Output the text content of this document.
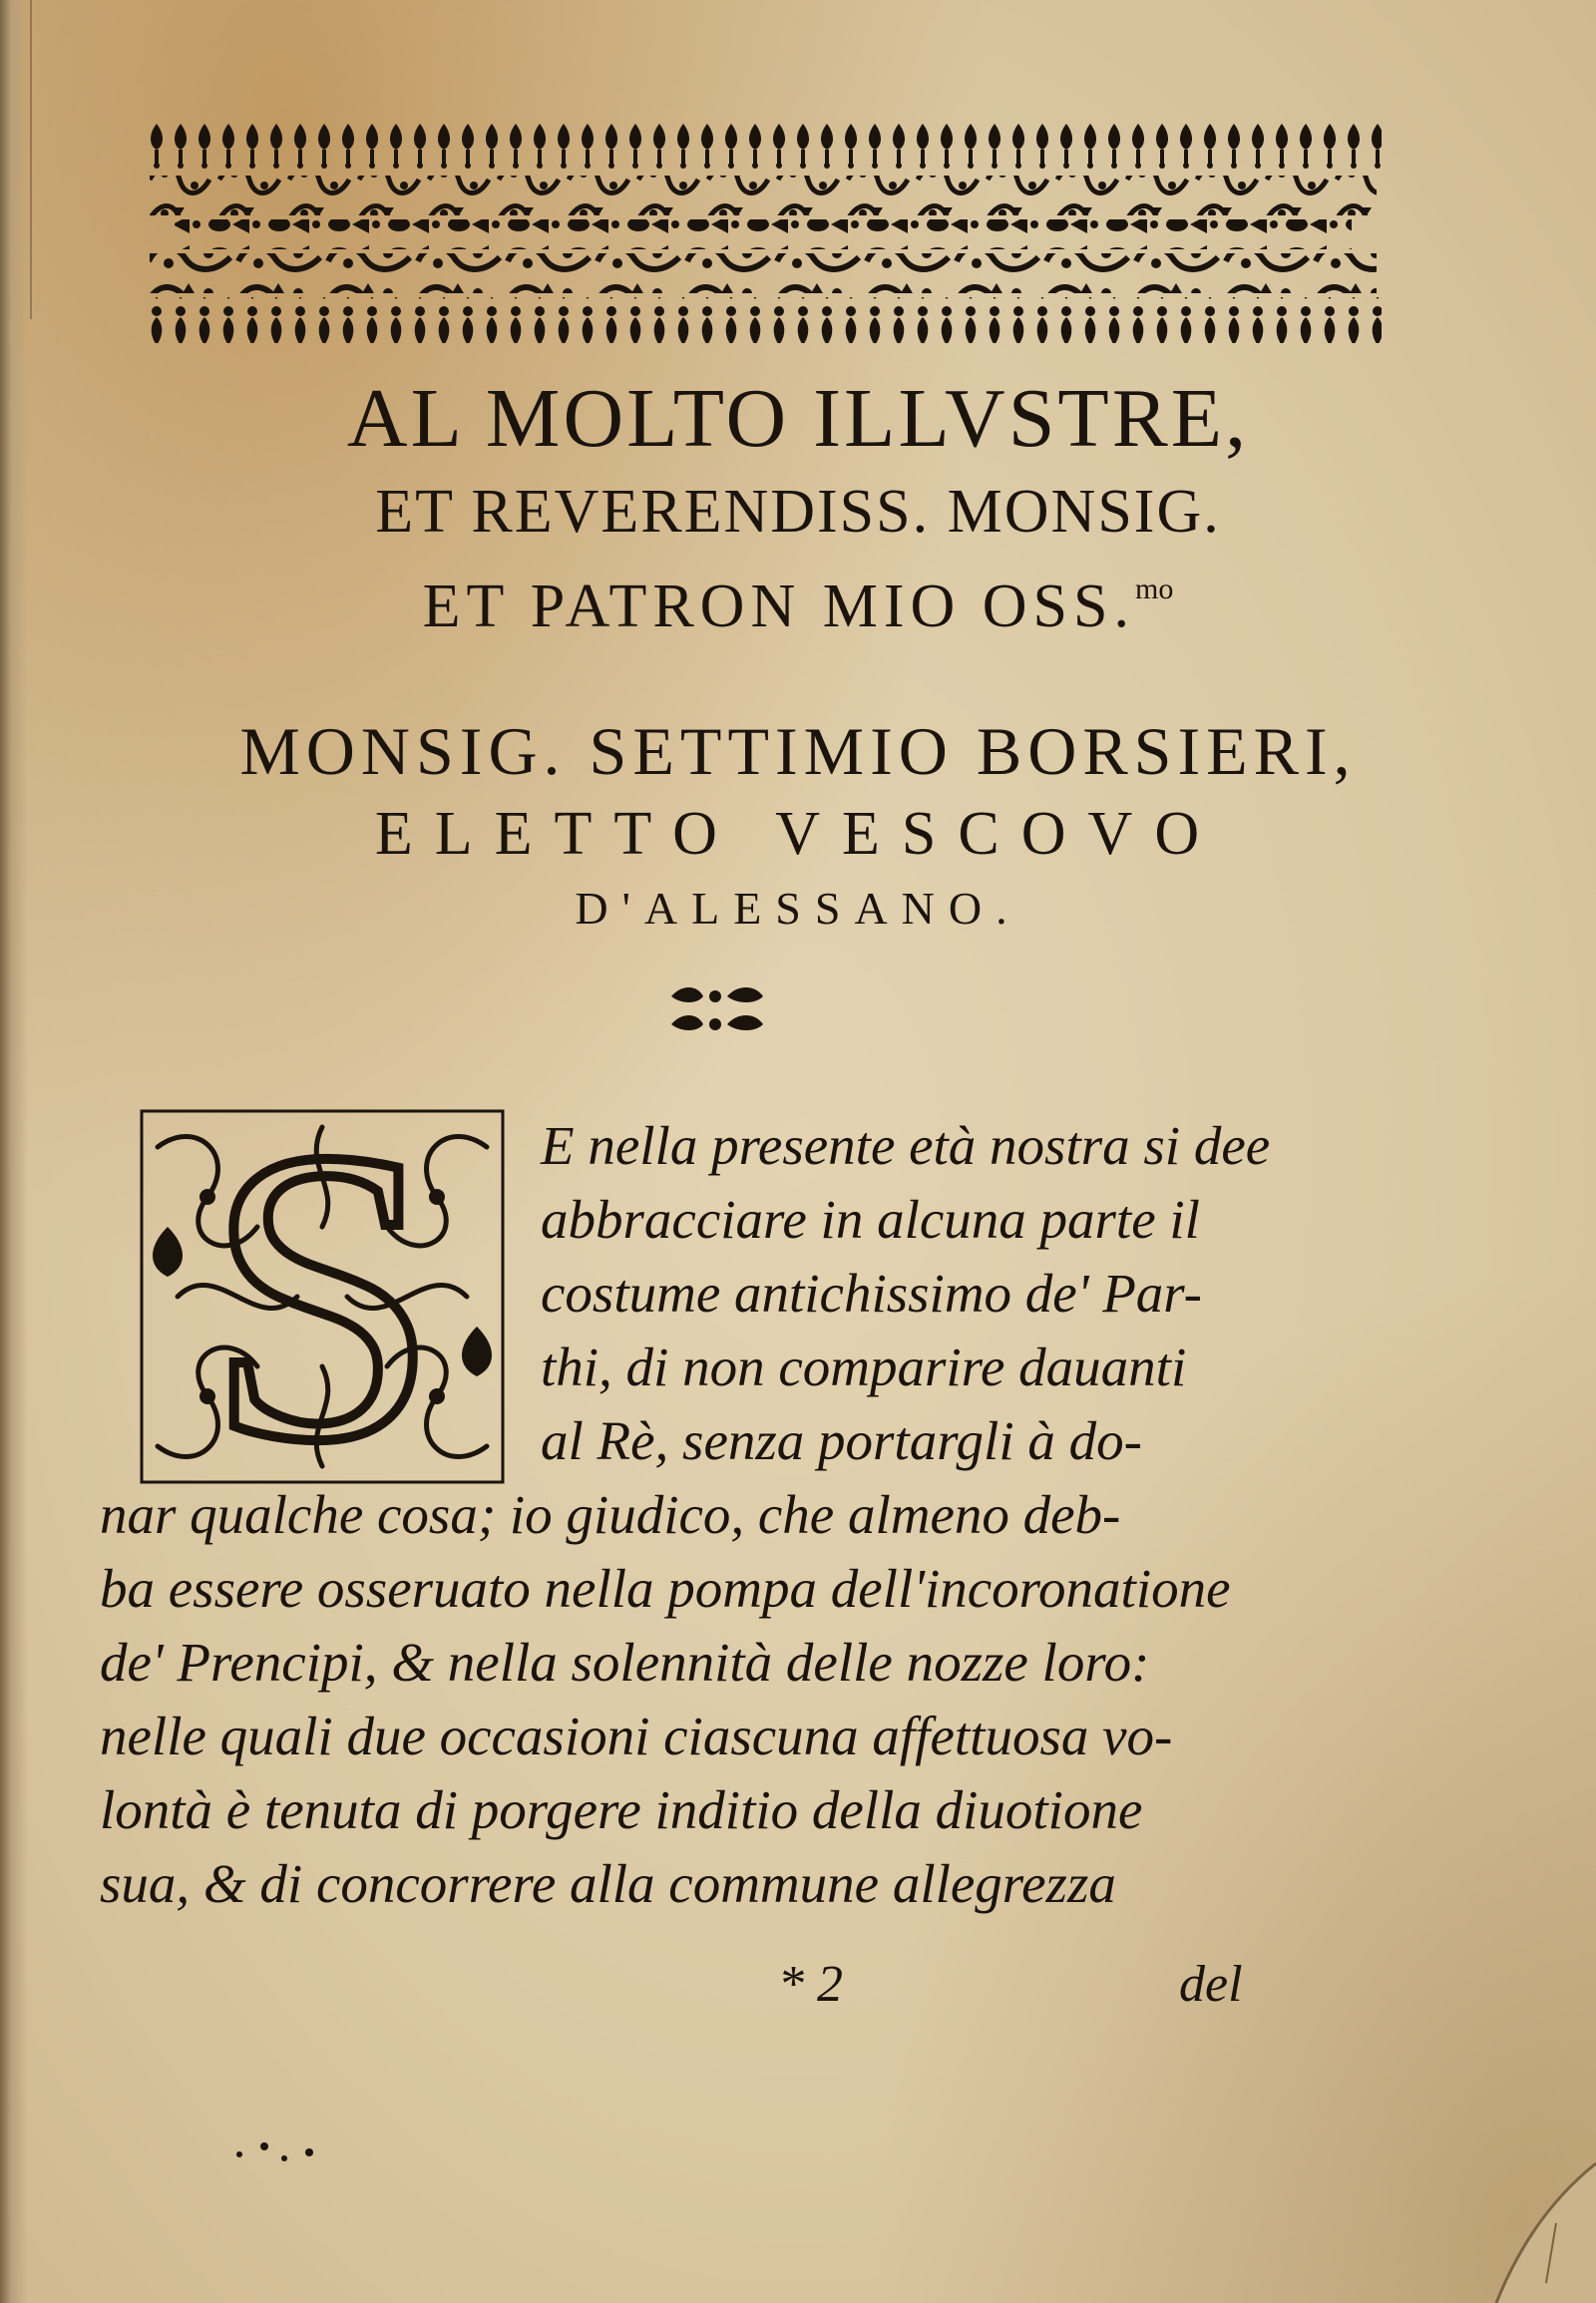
AL MOLTO ILLVSTRE,
ET REVERENDISS. MONSIG.
ET PATRON MIO OSS.$^{mo}$
MONSIG. SETTIMIO BORSIERI,
ELETTO VESCOVO
D'ALESSANO.
S	E nella presente età nostra si dee
abbracciare in alcuna parte il
costume antichissimo de' Par-
thi, di non comparire dauanti
al Rè, senza portargli à do-
nar qualche cosa; io giudico, che almeno deb-
ba essere osseruato nella pompa dell'incoronatione
de' Prencipi, & nella solennità delle nozze loro:
nelle quali due occasioni ciascuna affettuosa vo-
lontà è tenuta di porgere inditio della diuotione
sua, & di concorrere alla commune allegrezza
* 2	del
